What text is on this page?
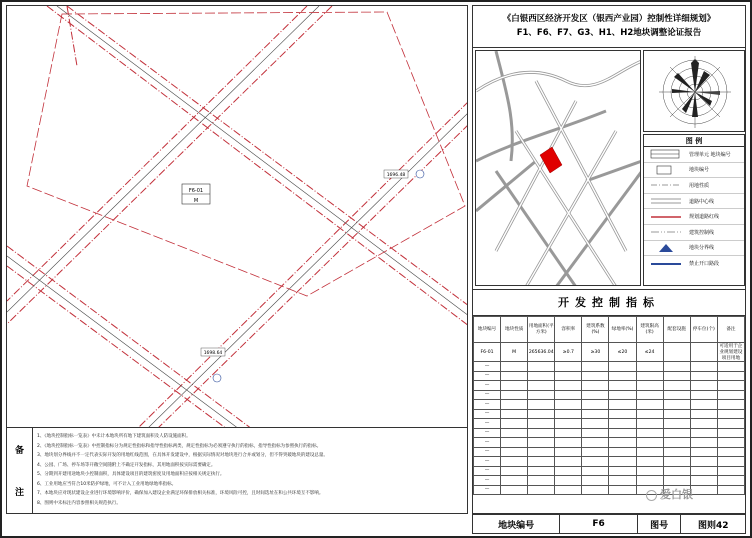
F6-01
M
1696.48
1698.64
备
注
1、《地块控制指标一览表》中未计本地块所有地下建筑面积及人防设施面积。
2、《地块控制指标一览表》中控制指标分为规定性指标和指导性指标两类，规定性指标为必须遵守执行的指标，指导性指标为参照执行的指标。
3、地块划分界线并不一定代表实际开发的用地红线范围，在具体开发建设中，根据实际情况对地块进行合并或划分，但不得突破地块的建设总量。
4、公园、广场、停车场等开敞空间随附上不确定开发指标，其用地面积按实际需要确定。
5、分期到开建用途地块小控制面积，具体建设项目的建筑密度及用地面积应按相关规定执行。
6、工业用地应当符合10米防护绿地，可不计入工业用地绿地率指标。
7、本地块应对现状建设企业进行环境影响评价，确保加入建设企业满足环保排放相关标准，环境风险可控，且时间选址在和公共环境互不影响。
8、图则中未标注内容参照相关规范执行。
《白银西区经济开发区（银西产业园）控制性详细规划》
F1、F6、F7、G3、H1、H2地块调整论证报告
图 例
管理单元 地块编号
地块编号
用地性质
道路中心线
规划道路红线
建筑控制线
地块分界线
禁止开口路段
开发控制指标
地块编号	地块性质	用地面积(平方米)	容积率	建筑系数(%)	绿地率(%)	建筑限高(米)	配套设施	停车位(个)	备注
F6-01	M	265636.04	≥0.7	≥30	≤20	≤24			可适用于企业规划建设项目用地
—									
—									
—									
—									
—									
—									
—									
—									
—									
—									
—									
—									
—									
—									
地块编号	F6	图号	图则42
爱白银
